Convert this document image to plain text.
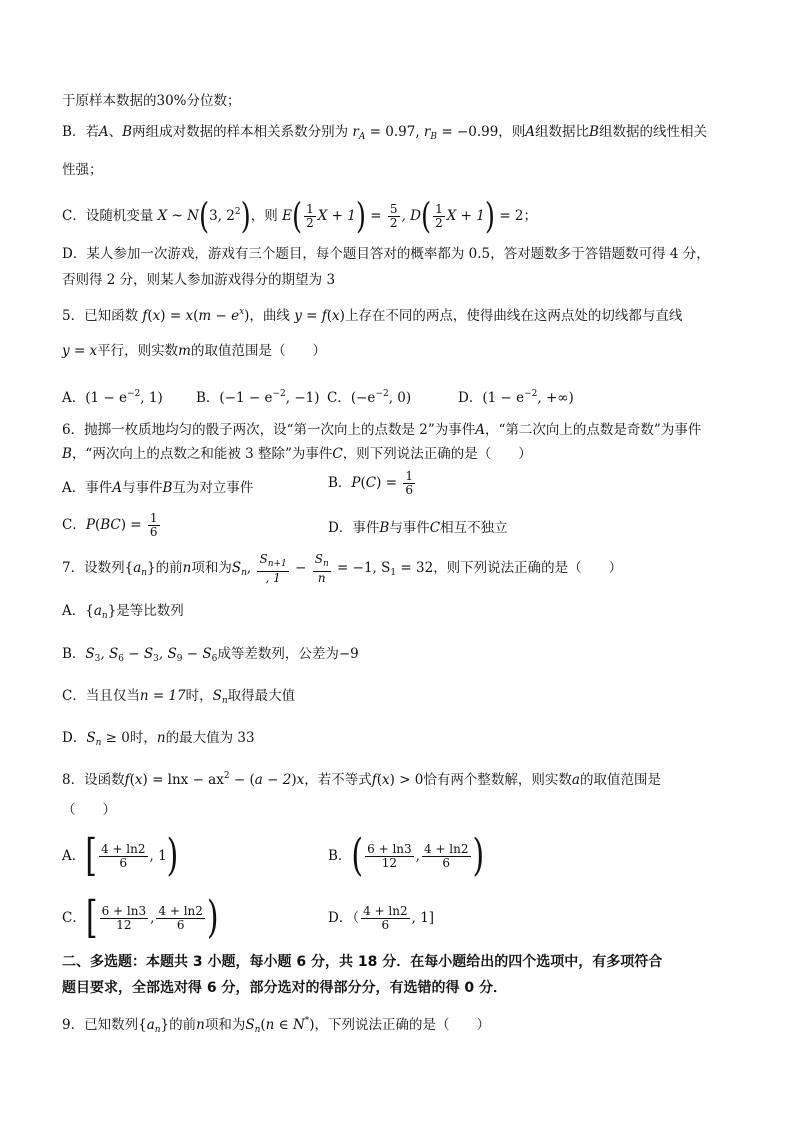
于原样本数据的30%分位数；
B．若A、B两组成对数据的样本相关系数分别为 $r_A = 0.97$, $r_B = -0.99$，则A组数据比B组数据的线性相关
性强；
C．设随机变量 X ~ N(3, $2^2$)，则 $E( \frac{1}{2}$ $X + 1) = \frac{5}{2}$ , $D( \frac{1}{2}$ X + 1) = 2；
D．某人参加一次游戏，游戏有三个题目，每个题目答对的概率都为 0.5，答对题数多于答错题数可得 4 分，
否则得 2 分，则某人参加游戏得分的期望为 3
5．已知函数 $f(x) = x(m - e^x)$，曲线 y = f(x)上存在不同的两点，使得曲线在这两点处的切线都与直线
y = x平行，则实数m的取值范围是（　　）
A．($1 - e^{-2}$, 1) B．($-1 - e^{-2}$, −1) C．($-e^{-2}$, 0)	D．($1 - e^{-2}$, +∞)
6．抛掷一枚质地均匀的骰子两次，设“第一次向上的点数是 2”为事件A，“第二次向上的点数是奇数”为事件
B，“两次向上的点数之和能被 3 整除”为事件C，则下列说法正确的是（　　）
A．事件A与事件B互为对立事件	B．$P(C) = \frac{1}{6}$
C．$P(BC) = \frac{1}{6}$	D．事件B与事件C相互不独立
7．设数列$\{a_n\}$的前n项和为$S_n$, $\frac{S_{n+1}}{, 1} - \frac{S_n}{n} = -1$, $S_1 = 32$，则下列说法正确的是（　　）
A．$\{a_n\}$是等比数列
B．$S_3$, $S_6 - S_3$, $S_9 - S_6$成等差数列，公差为−9
C．当且仅当n = 17时，$S_n$取得最大值
D．$S_n \ge 0$时，n的最大值为 33
8．设函数$f(x) = \ln x - ax^2 - (a - 2)x$，若不等式f(x) > 0恰有两个整数解，则实数a的取值范围是
（　　）
A．[ $\frac{4 + \ln 2}{6}$ , 1)	B．( $\frac{6 + \ln 3}{12}$ , $\frac{4 + \ln 2}{6}$ )
C．[ $\frac{6 + \ln 3}{12}$ , $\frac{4 + \ln 2}{6}$ )	D．（ $\frac{4 + \ln 2}{6}$ , 1]
二、多选题：本题共 3 小题，每小题 6 分，共 18 分．在每小题给出的四个选项中，有多项符合
题目要求，全部选对得 6 分，部分选对的得部分分，有选错的得 0 分．
9．已知数列$\{a_n\}$的前n项和为$S_n(n$ ∈ N*)，下列说法正确的是（　　）
